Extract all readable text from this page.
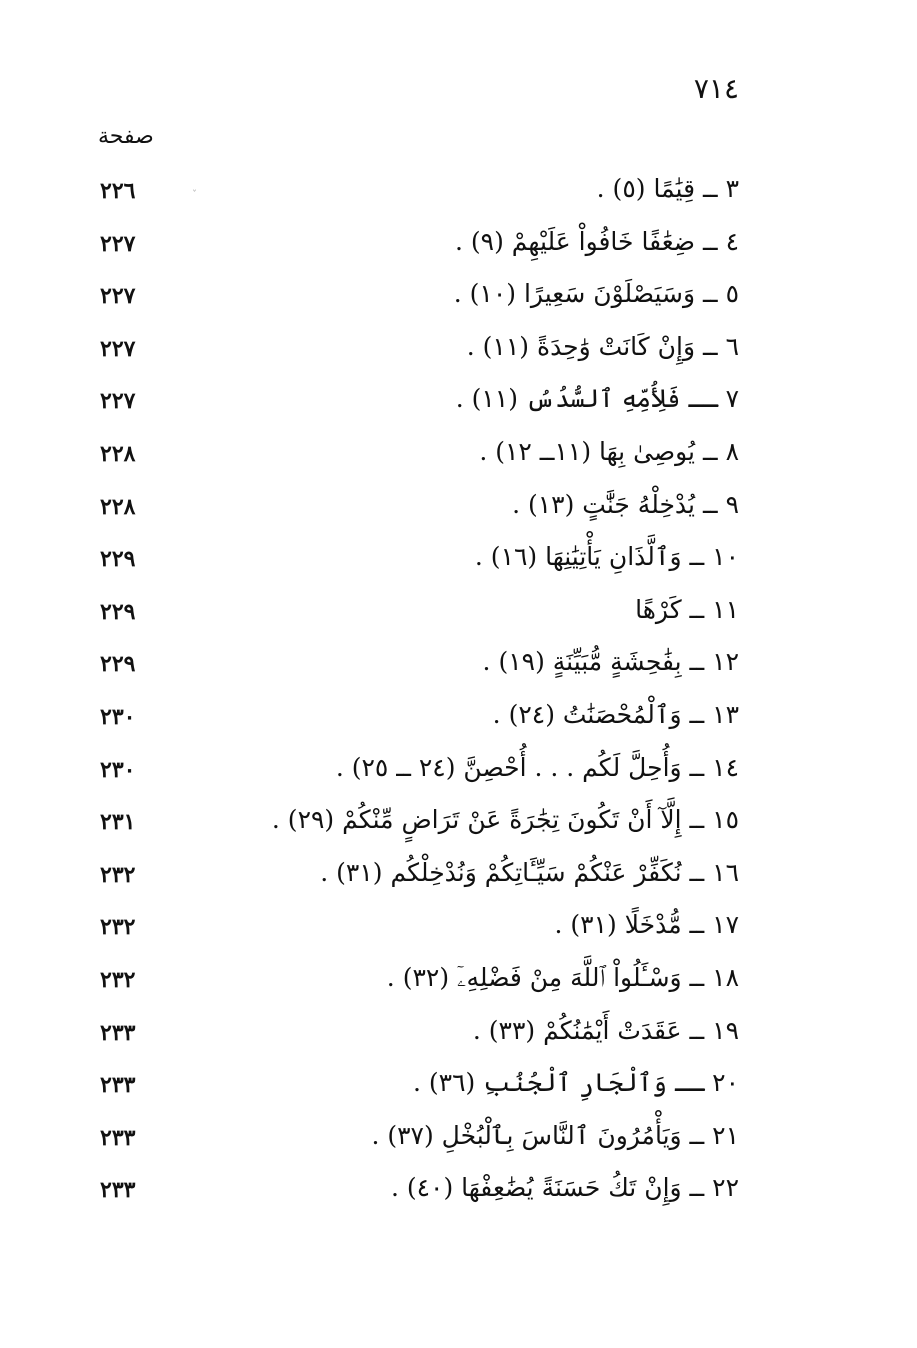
٧١٤
صفحة
ˇ	٣ ــ قِيَٰمًا (٥) .
٢٢٦
٤ ــ ضِعَٰفًا خَافُواْ عَلَيْهِمْ (٩) .
٢٢٧
٥ ــ وَسَيَصْلَوْنَ سَعِيرًا (١٠) .
٢٢٧
٦ ــ وَإِنْ كَانَتْ وَٰحِدَةً (١١) .
٢٢٧
٧ ــ فَلِأُمِّهِ ٱلسُّدُسُ (١١) .
٢٢٧
٨ ــ يُوصِىٰ بِهَا (١١ــ ١٢) .
٢٢٨
٩ ــ يُدْخِلْهُ جَنَّٰتٍ (١٣) .
٢٢٨
١٠ ــ وَٱلَّذَانِ يَأْتِيَٰنِهَا (١٦) .
٢٢٩
١١ ــ كَرْهًا
٢٢٩
١٢ ــ بِفَٰحِشَةٍ مُّبَيِّنَةٍ (١٩) .
٢٢٩
١٣ ــ وَٱلْمُحْصَنَٰتُ (٢٤) .
٢٣٠
١٤ ــ وَأُحِلَّ لَكُم . . . أُحْصِنَّ (٢٤ ــ ٢٥) .
٢٣٠
١٥ ــ إِلَّآ أَنْ تَكُونَ تِجَٰرَةً عَنْ تَرَاضٍ مِّنْكُمْ (٢٩) .
٢٣١
١٦ ــ نُكَفِّرْ عَنْكُمْ سَيِّـَٔاتِكُمْ وَنُدْخِلْكُم (٣١) .
٢٣٢
١٧ ــ مُّدْخَلًا (٣١) .
٢٣٢
١٨ ــ وَسْـَٔلُواْ ٱللَّهَ مِنْ فَضْلِهِۦٓ (٣٢) .
٢٣٢
١٩ ــ عَقَدَتْ أَيْمَٰنُكُمْ (٣٣) .
٢٣٣
٢٠ ــ وَٱلْجَارِ ٱلْجُنُبِ (٣٦) .
٢٣٣
٢١ ــ وَيَأْمُرُونَ ٱلنَّاسَ بِٱلْبُخْلِ (٣٧) .
٢٣٣
٢٢ ــ وَإِنْ تَكُ حَسَنَةً يُضَٰعِفْهَا (٤٠) .
٢٣٣
